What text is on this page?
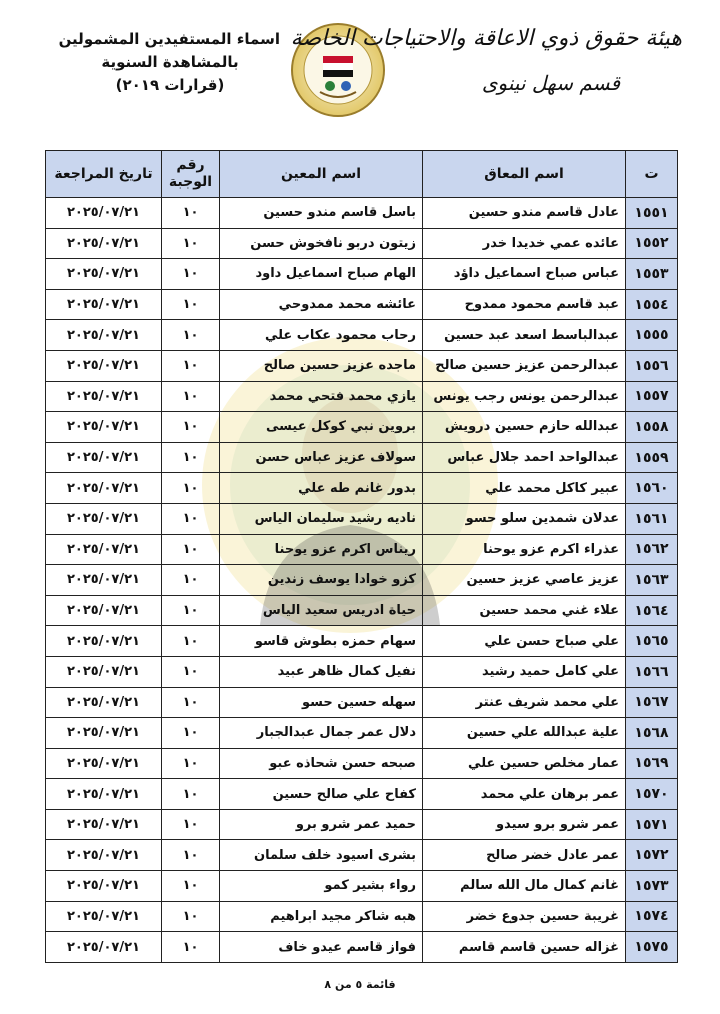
اسماء المستفيدين المشمولين
بالمشاهدة السنوية
(قرارات ٢٠١٩)
هيئة حقوق ذوي الاعاقة والاحتياجات الخاصة
قسم سهل نينوى
ت	اسم المعاق	اسم المعين	رقم الوجبة	تاريخ المراجعة
١٥٥١	عادل قاسم مندو حسين	باسل قاسم مندو حسين	١٠	٢٠٢٥/٠٧/٢١
١٥٥٢	عائده عمي خديدا خدر	زيتون دربو نافخوش حسن	١٠	٢٠٢٥/٠٧/٢١
١٥٥٣	عباس صباح اسماعيل داؤد	الهام صباح اسماعيل داود	١٠	٢٠٢٥/٠٧/٢١
١٥٥٤	عبد قاسم محمود ممدوح	عائشه محمد ممدوحي	١٠	٢٠٢٥/٠٧/٢١
١٥٥٥	عبدالباسط اسعد عبد حسين	رحاب محمود عكاب علي	١٠	٢٠٢٥/٠٧/٢١
١٥٥٦	عبدالرحمن عزيز حسين صالح	ماجده عزيز حسين صالح	١٠	٢٠٢٥/٠٧/٢١
١٥٥٧	عبدالرحمن يونس رجب يونس	يازي محمد فتحي محمد	١٠	٢٠٢٥/٠٧/٢١
١٥٥٨	عبدالله حازم حسين درويش	بروين نبي كوكل عيسى	١٠	٢٠٢٥/٠٧/٢١
١٥٥٩	عبدالواحد احمد جلال عباس	سولاف عزيز عباس حسن	١٠	٢٠٢٥/٠٧/٢١
١٥٦٠	عبير كاكل محمد علي	بدور غانم طه علي	١٠	٢٠٢٥/٠٧/٢١
١٥٦١	عدلان شمدين سلو حسو	ناديه رشيد سليمان الياس	١٠	٢٠٢٥/٠٧/٢١
١٥٦٢	عذراء اكرم عزو يوحنا	ريناس اكرم عزو يوحنا	١٠	٢٠٢٥/٠٧/٢١
١٥٦٣	عزيز عاصي عزيز حسين	كزو خوادا يوسف زندين	١٠	٢٠٢٥/٠٧/٢١
١٥٦٤	علاء غني محمد حسين	حياة ادريس سعيد الياس	١٠	٢٠٢٥/٠٧/٢١
١٥٦٥	علي صباح حسن علي	سهام حمزه بطوش قاسو	١٠	٢٠٢٥/٠٧/٢١
١٥٦٦	علي كامل حميد رشيد	نفيل كمال ظاهر عبيد	١٠	٢٠٢٥/٠٧/٢١
١٥٦٧	علي محمد شريف عنتر	سهله حسين حسو	١٠	٢٠٢٥/٠٧/٢١
١٥٦٨	علية عبدالله علي حسين	دلال عمر جمال عبدالجبار	١٠	٢٠٢٥/٠٧/٢١
١٥٦٩	عمار مخلص حسين علي	صبحه حسن شحاذه عبو	١٠	٢٠٢٥/٠٧/٢١
١٥٧٠	عمر برهان علي محمد	كفاح علي صالح حسين	١٠	٢٠٢٥/٠٧/٢١
١٥٧١	عمر شرو برو سيدو	حميد عمر شرو برو	١٠	٢٠٢٥/٠٧/٢١
١٥٧٢	عمر عادل خضر صالح	بشرى اسيود خلف سلمان	١٠	٢٠٢٥/٠٧/٢١
١٥٧٣	غانم كمال مال الله سالم	رواء بشير كمو	١٠	٢٠٢٥/٠٧/٢١
١٥٧٤	غريبة حسين جدوع خضر	هبه شاكر مجيد ابراهيم	١٠	٢٠٢٥/٠٧/٢١
١٥٧٥	غزاله حسين قاسم قاسم	فواز قاسم عيدو خاف	١٠	٢٠٢٥/٠٧/٢١
قائمة ٥ من ٨
